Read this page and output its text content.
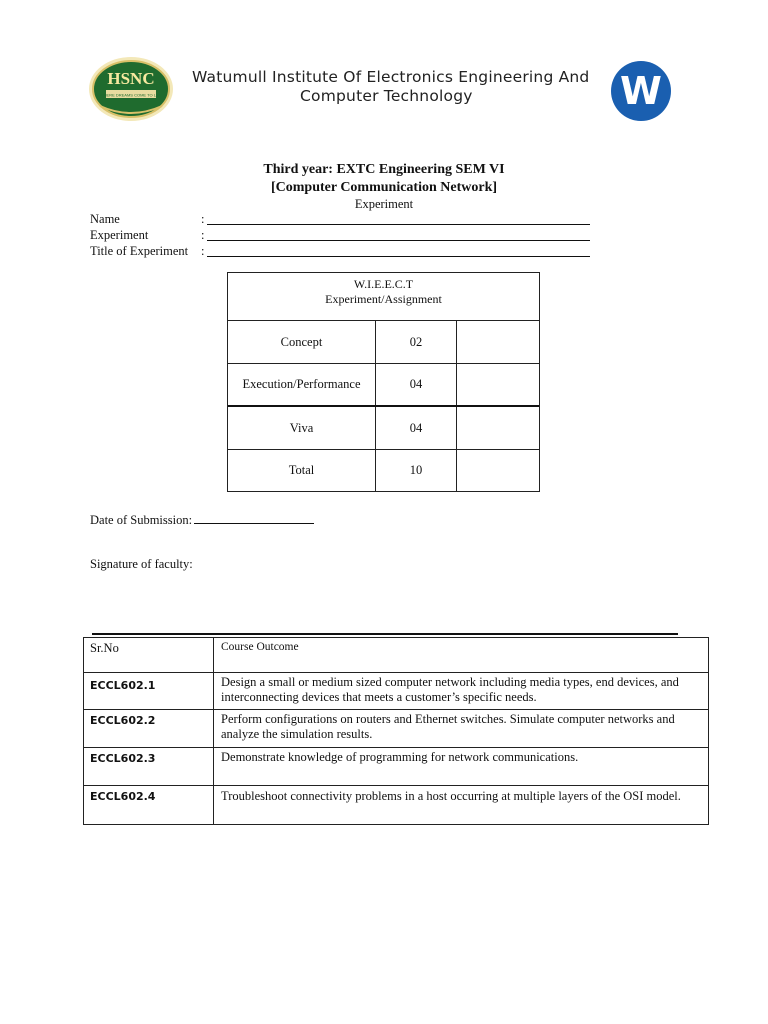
HSNC
WHERE DREAMS COME TO LIFE
Watumull Institute Of Electronics Engineering And
Computer Technology	W
Third year: EXTC Engineering SEM VI
[Computer Communication Network]
Experiment
Name	:
Experiment	:
Title of Experiment :
W.I.E.E.C.T
Experiment/Assignment
Concept	02
Execution/Performance	04
Viva	04
Total	10
Date of Submission:
Signature of faculty:
Sr.No	Course Outcome
ECCL602.1	Design a small or medium sized computer network including media types, end devices, and interconnecting devices that meets a customer’s specific needs.
ECCL602.2	Perform configurations on routers and Ethernet switches. Simulate computer networks and analyze the simulation results.
ECCL602.3	Demonstrate knowledge of programming for network communications.
ECCL602.4	Troubleshoot connectivity problems in a host occurring at multiple layers of the OSI model.
